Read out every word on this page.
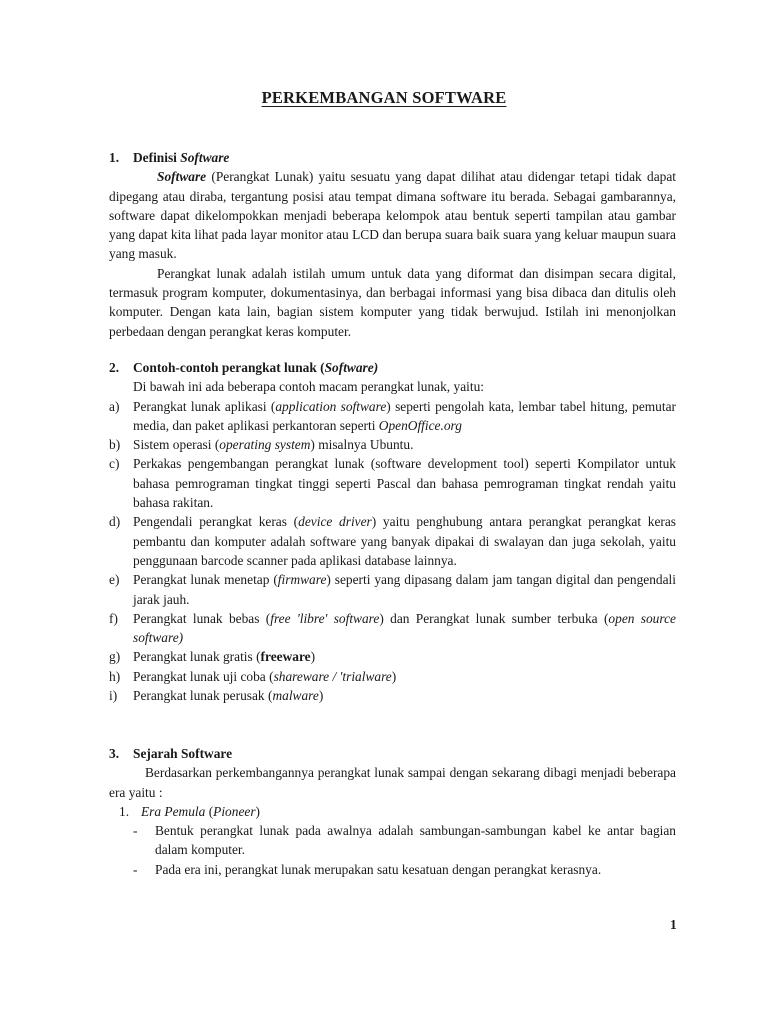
PERKEMBANGAN SOFTWARE
1.	Definisi Software

Software (Perangkat Lunak) yaitu sesuatu yang dapat dilihat atau didengar tetapi tidak dapat dipegang atau diraba, tergantung posisi atau tempat dimana software itu berada. Sebagai gambarannya, software dapat dikelompokkan menjadi beberapa kelompok atau bentuk seperti tampilan atau gambar yang dapat kita lihat pada layar monitor atau LCD dan berupa suara baik suara yang keluar maupun suara yang masuk.

Perangkat lunak adalah istilah umum untuk data yang diformat dan disimpan secara digital, termasuk program komputer, dokumentasinya, dan berbagai informasi yang bisa dibaca dan ditulis oleh komputer. Dengan kata lain, bagian sistem komputer yang tidak berwujud. Istilah ini menonjolkan perbedaan dengan perangkat keras komputer.

2.	Contoh-contoh perangkat lunak (Software)

Di bawah ini ada beberapa contoh macam perangkat lunak, yaitu:

a)	Perangkat lunak aplikasi (application software) seperti pengolah kata, lembar tabel hitung, pemutar media, dan paket aplikasi perkantoran seperti OpenOffice.org
b) Sistem operasi (operating system) misalnya Ubuntu.
c)	Perkakas pengembangan perangkat lunak (software development tool) seperti Kompilator untuk bahasa pemrograman tingkat tinggi seperti Pascal dan bahasa pemrograman tingkat rendah yaitu bahasa rakitan.
d) Pengendali perangkat keras (device driver) yaitu penghubung antara perangkat perangkat keras pembantu dan komputer adalah software yang banyak dipakai di swalayan dan juga sekolah, yaitu penggunaan barcode scanner pada aplikasi database lainnya.
e)	Perangkat lunak menetap (firmware) seperti yang dipasang dalam jam tangan digital dan pengendali jarak jauh.
f)	Perangkat lunak bebas (free 'libre' software) dan Perangkat lunak sumber terbuka (open source software)
g) Perangkat lunak gratis (freeware)
h) Perangkat lunak uji coba (shareware / 'trialware)
i)	Perangkat lunak perusak (malware)
3.	Sejarah Software

Berdasarkan perkembangannya perangkat lunak sampai dengan sekarang dibagi menjadi beberapa era yaitu :

1. Era Pemula (Pioneer)
-	Bentuk perangkat lunak pada awalnya adalah sambungan-sambungan kabel ke antar bagian dalam komputer.
-	Pada era ini, perangkat lunak merupakan satu kesatuan dengan perangkat kerasnya.
1
